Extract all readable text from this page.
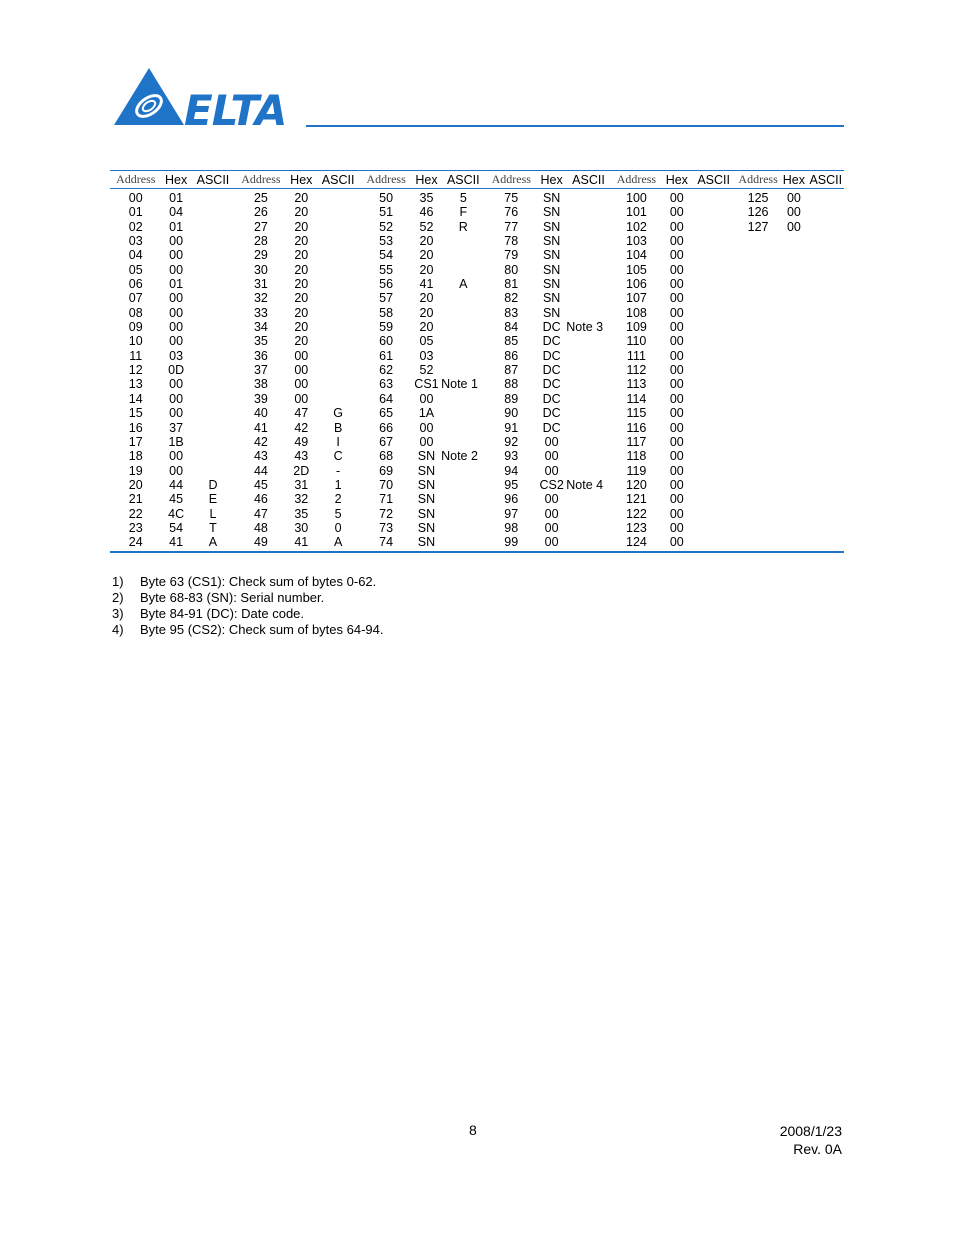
ELTA
Address	Hex	ASCII	Address	Hex	ASCII	Address	Hex	ASCII	Address	Hex	ASCII	Address	Hex	ASCII	Address	Hex	ASCII
00	01		25	20		50	35	5	75	SN		100	00		125	00	
01	04		26	20		51	46	F	76	SN		101	00		126	00	
02	01		27	20		52	52	R	77	SN		102	00		127	00	
03	00		28	20		53	20		78	SN		103	00				
04	00		29	20		54	20		79	SN		104	00				
05	00		30	20		55	20		80	SN		105	00				
06	01		31	20		56	41	A	81	SN		106	00				
07	00		32	20		57	20		82	SN		107	00				
08	00		33	20		58	20		83	SN		108	00				
09	00		34	20		59	20		84	DC	Note 3	109	00				
10	00		35	20		60	05		85	DC		110	00				
11	03		36	00		61	03		86	DC		111	00				
12	0D		37	00		62	52		87	DC		112	00				
13	00		38	00		63	CS1	Note 1	88	DC		113	00				
14	00		39	00		64	00		89	DC		114	00				
15	00		40	47	G	65	1A		90	DC		115	00				
16	37		41	42	B	66	00		91	DC		116	00				
17	1B		42	49	I	67	00		92	00		117	00				
18	00		43	43	C	68	SN	Note 2	93	00		118	00				
19	00		44	2D	-	69	SN		94	00		119	00				
20	44	D	45	31	1	70	SN		95	CS2	Note 4	120	00				
21	45	E	46	32	2	71	SN		96	00		121	00				
22	4C	L	47	35	5	72	SN		97	00		122	00				
23	54	T	48	30	0	73	SN		98	00		123	00				
24	41	A	49	41	A	74	SN		99	00		124	00				
1)	Byte 63 (CS1): Check sum of bytes 0-62.
2)	Byte 68-83 (SN): Serial number.
3)	Byte 84-91 (DC): Date code.
4)	Byte 95 (CS2): Check sum of bytes 64-94.
8	2008/1/23
Rev. 0A
